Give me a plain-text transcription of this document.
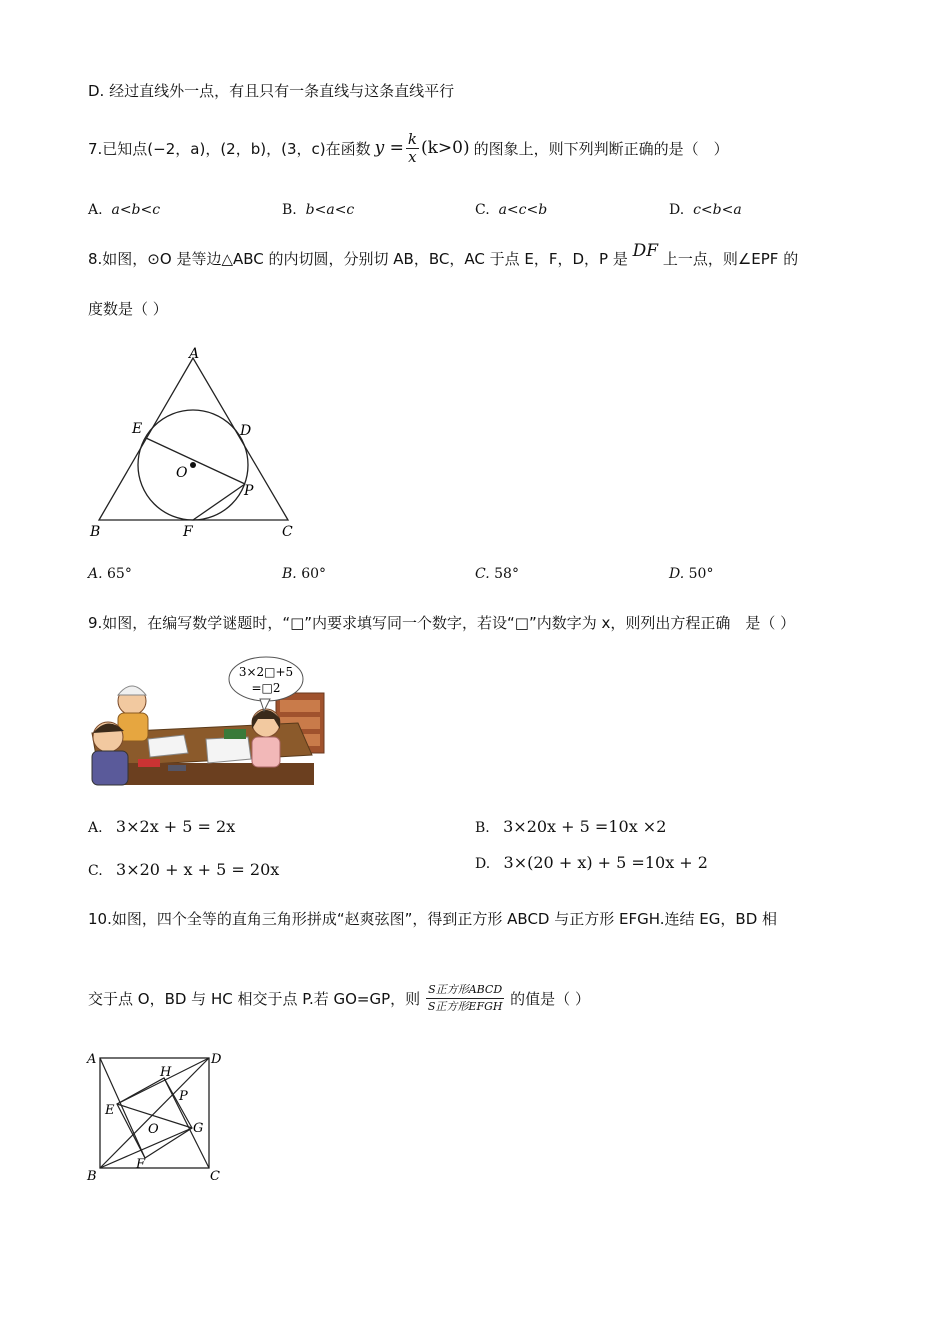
D. 经过直线外一点，有且只有一条直线与这条直线平行
7.已知点(−2，a)，(2，b)，(3，c)在函数 $y = \frac{k}{x} (k>0)$ 的图象上，则下列判断正确的是（　）
A. a<b<c	B. b<a<c	C. a<c<b	D. c<b<a
8.如图，⊙O 是等边△ABC 的内切圆，分别切 AB，BC，AC 于点 E，F，D，P 是 DF 上一点，则∠EPF 的
度数是（ ）
A
B	C
D
E
F
O
P
A. 65°	B. 60°	C. 58°	D. 50°
9.如图，在编写数学谜题时，“□”内要求填写同一个数字，若设“□”内数字为 x，则列出方程正确　是（ ）
3×2□+5
=□2
A. 3×2x + 5 = 2x	B. 3×20x + 5 =10x ×2
C. 3×20 + x + 5 = 20x	D. 3×(20 + x) + 5 =10x + 2
10.如图，四个全等的直角三角形拼成“赵爽弦图”，得到正方形 ABCD 与正方形 EFGH.连结 EG，BD 相
交于点 O，BD 与 HC 相交于点 P.若 GO=GP，则 $\frac{\text{S正方形ABCD}}{\text{S正方形EFGH}}$ 的值是（ ）
A
B	C
D
E
F
G
H
O
P
